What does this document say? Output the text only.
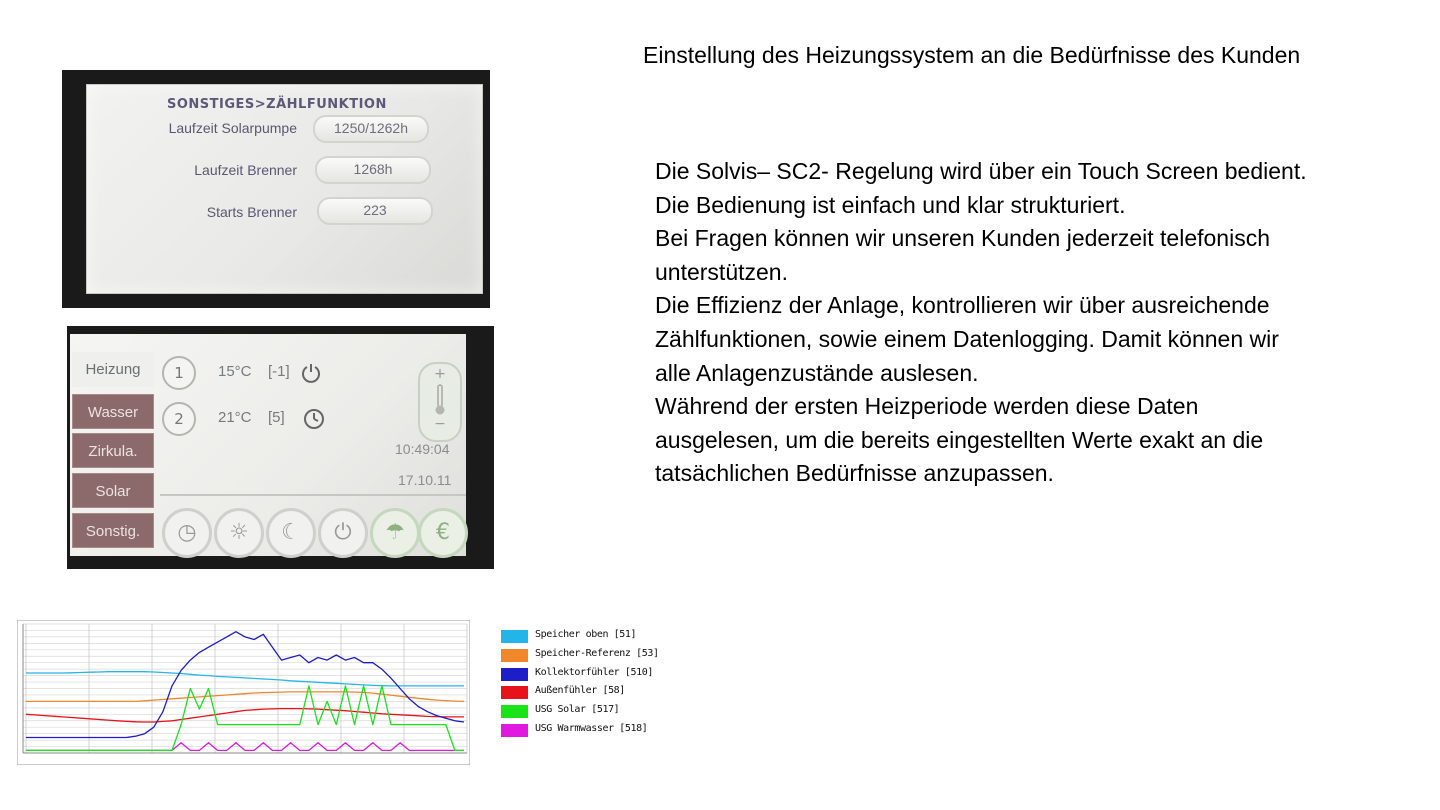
Einstellung des Heizungssystem an die Bedürfnisse des Kunden
Die Solvis– SC2- Regelung wird über ein Touch Screen bedient.
Die Bedienung ist einfach und klar strukturiert.
Bei Fragen können wir unseren Kunden jederzeit telefonisch
unterstützen.
Die Effizienz der Anlage, kontrollieren wir über ausreichende
Zählfunktionen, sowie einem Datenlogging. Damit können wir
alle Anlagenzustände auslesen.
Während der ersten Heizperiode werden diese Daten
ausgelesen, um die bereits eingestellten Werte exakt an die
tatsächlichen Bedürfnisse anzupassen.
SONSTIGES>ZÄHLFUNKTION
Laufzeit Solarpumpe	1250/1262h
Laufzeit Brenner	1268h
Starts Brenner	223
Heizung
Wasser
Zirkula.
Solar
Sonstig.
1	15°C [-1]
2	21°C [5]
+
−
10:49:04
17.10.11
◷	☼	☾	⏻	☂	€
Speicher oben [51]
Speicher-Referenz [53]
Kollektorfühler [510]
Außenfühler [58]
USG Solar [517]
USG Warmwasser [518]
